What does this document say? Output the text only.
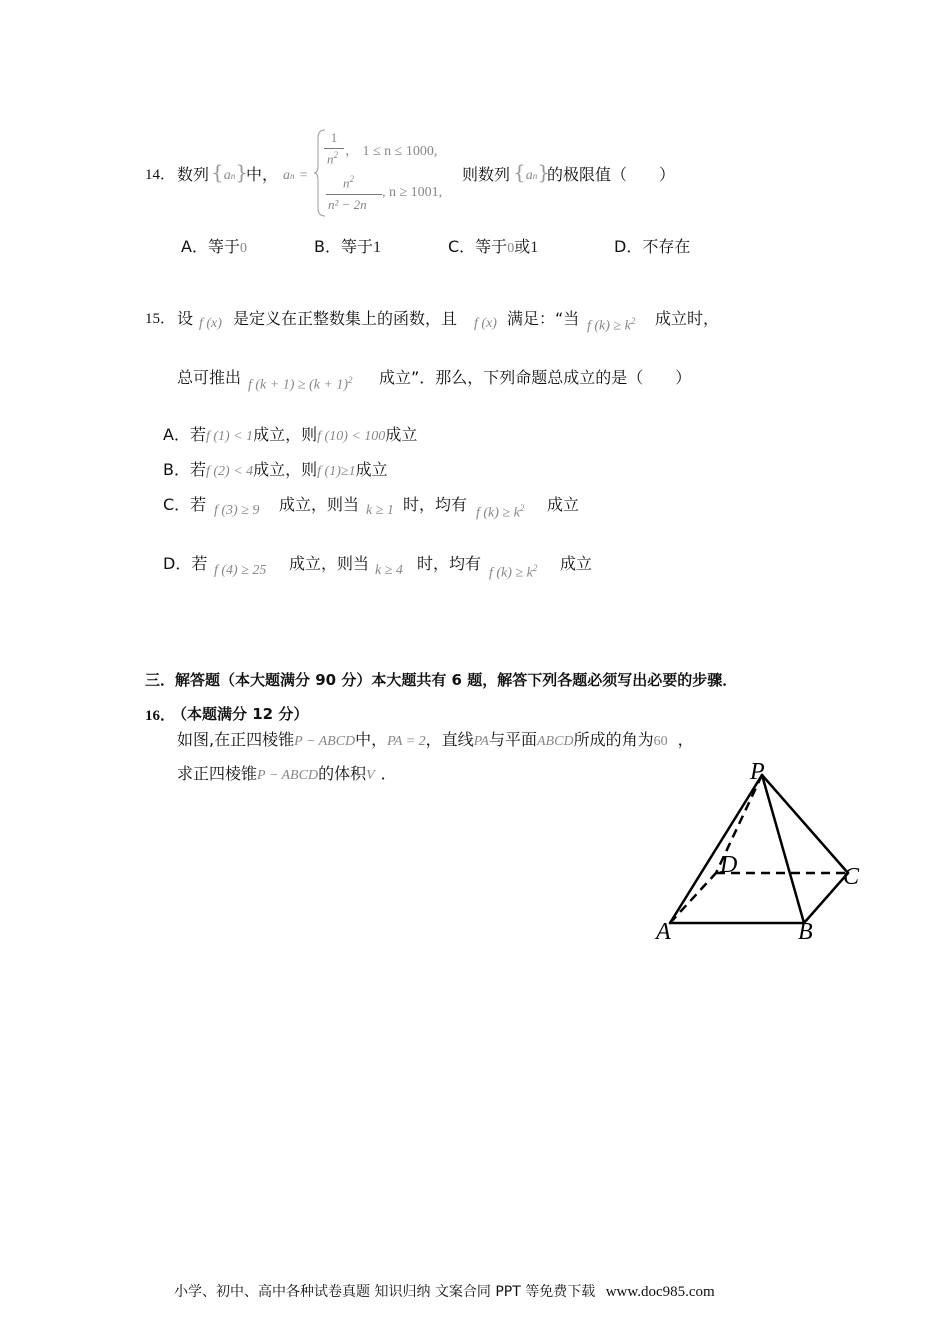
14． 数列 {an}
中， an =
1
$n^2$ ， 1 ≤ n ≤ 1000,
$n^2$
n² − 2n
, n ≥ 1001,
则数列 {an}
的极限值（　　）
A．等于0	B．等于1	C．等于0或1	D．不存在
15． 设 f (x) 是定义在正整数集上的函数，且 f (x) 满足：“当 f $(k) \ge k^2$ 成立时，
总可推出 f $(k + 1) \ge (k + 1)^2$ 成立”．那么，下列命题总成立的是（　　）
A．若f (1) < 1成立，则f (10) < 100成立
B．若f (2) < 4成立，则f (1)≥1成立
C．若 f (3) ≥ 9 成立，则当 k ≥ 1 时，均有 f $(k) \ge k^2$ 成立
D．若 f (4) ≥ 25 成立，则当 k ≥ 4 时，均有
f $(k) \ge k^2$ 成立
三．解答题（本大题满分 90 分）本大题共有 6 题，解答下列各题必须写出必要的步骤．
16．
（本题满分 12 分）
如图,在正四棱锥P − ABCD中，PA = 2，直线PA与平面ABCD所成的角为60 ，
求正四棱锥P − ABCD的体积V ．	P
A	B
C
D
小学、初中、高中各种试卷真题 知识归纳 文案合同 PPT 等免费下载 www.doc985.com
